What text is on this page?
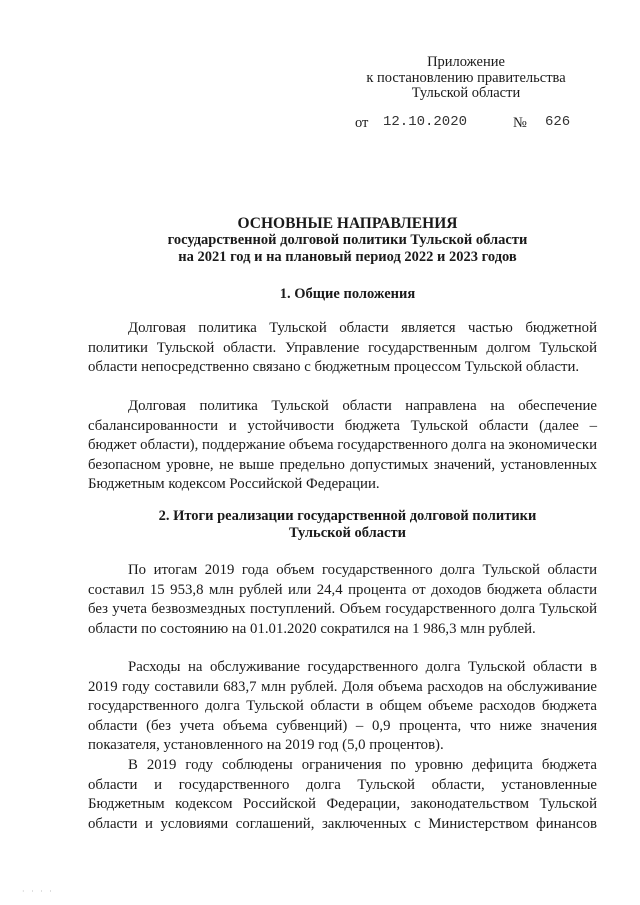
Приложение
к постановлению правительства
Тульской области
от 12.10.2020	№ 626
ОСНОВНЫЕ НАПРАВЛЕНИЯ
государственной долговой политики Тульской области
на 2021 год и на плановый период 2022 и 2023 годов
1. Общие положения

Долговая политика Тульской области является частью бюджетной политики Тульской области. Управление государственным долгом Тульской области непосредственно связано с бюджетным процессом Тульской области.

Долговая политика Тульской области направлена на обеспечение сбалансированности и устойчивости бюджета Тульской области (далее – бюджет области), поддержание объема государственного долга на экономически безопасном уровне, не выше предельно допустимых значений, установленных Бюджетным кодексом Российской Федерации.

2. Итоги реализации государственной долговой политики
Тульской области

По итогам 2019 года объем государственного долга Тульской области составил 15 953,8 млн рублей или 24,4 процента от доходов бюджета области без учета безвозмездных поступлений. Объем государственного долга Тульской области по состоянию на 01.01.2020 сократился на 1 986,3 млн рублей.

Расходы на обслуживание государственного долга Тульской области в 2019 году составили 683,7 млн рублей. Доля объема расходов на обслуживание государственного долга Тульской области в общем объеме расходов бюджета области (без учета объема субвенций) – 0,9 процента, что ниже значения показателя, установленного на 2019 год (5,0 процентов).

В 2019 году соблюдены ограничения по уровню дефицита бюджета области и государственного долга Тульской области, установленные Бюджетным кодексом Российской Федерации, законодательством Тульской области и условиями соглашений, заключенных с Министерством финансов

· · · ·
